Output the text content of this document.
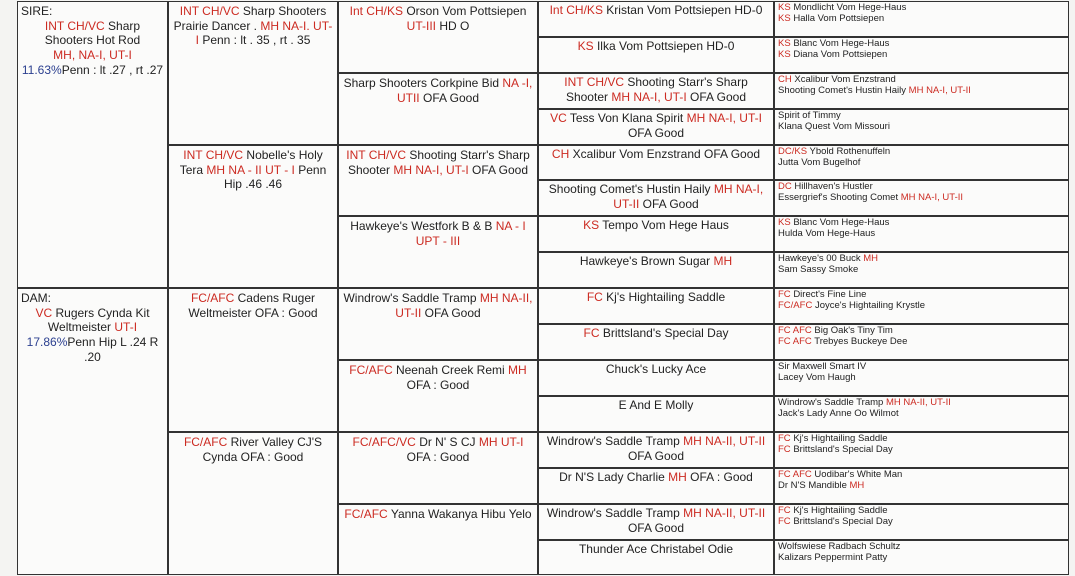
SIRE:
INT CH/VC Sharp
Shooters Hot Rod
MH, NA-I, UT-I
11.63%Penn : lt .27 , rt .27
DAM:
VC Rugers Cynda Kit
Weltmeister UT-I
17.86%Penn Hip L .24 R .20
INT CH/VC Sharp Shooters Prairie Dancer . MH NA-I. UT-I Penn : lt . 35 , rt . 35
INT CH/VC Nobelle's Holy Tera MH NA - II UT - I Penn Hip .46 .46
FC/AFC Cadens Ruger Weltmeister OFA : Good
FC/AFC River Valley CJ'S Cynda OFA : Good
Int CH/KS Orson Vom Pottsiepen UT-III HD O
Sharp Shooters Corkpine Bid NA -I, UTII OFA Good
INT CH/VC Shooting Starr's Sharp Shooter MH NA-I, UT-I OFA Good
Hawkeye's Westfork B & B NA - I UPT - III
Windrow's Saddle Tramp MH NA-II, UT-II OFA Good
FC/AFC Neenah Creek Remi MH OFA : Good
FC/AFC/VC Dr N' S CJ MH UT-I OFA : Good
FC/AFC Yanna Wakanya Hibu Yelo
Int CH/KS Kristan Vom Pottsiepen HD-0
KS Ilka Vom Pottsiepen HD-0
INT CH/VC Shooting Starr's Sharp Shooter MH NA-I, UT-I OFA Good
VC Tess Von Klana Spirit MH NA-I, UT-I OFA Good
CH Xcalibur Vom Enzstrand OFA Good
Shooting Comet's Hustin Haily MH NA-I, UT-II OFA Good
KS Tempo Vom Hege Haus
Hawkeye's Brown Sugar MH
FC Kj's Hightailing Saddle
FC Brittsland's Special Day
Chuck's Lucky Ace
E And E Molly
Windrow's Saddle Tramp MH NA-II, UT-II OFA Good
Dr N'S Lady Charlie MH OFA : Good
Windrow's Saddle Tramp MH NA-II, UT-II OFA Good
Thunder Ace Christabel Odie
KS Mondlicht Vom Hege-Haus
KS Halla Vom Pottsiepen
KS Blanc Vom Hege-Haus
KS Diana Vom Pottsiepen
CH Xcalibur Vom Enzstrand
Shooting Comet's Hustin Haily MH NA-I, UT-II
Spirit of Timmy
Klana Quest Vom Missouri
DC/KS Ybold Rothenuffeln
Jutta Vom Bugelhof
DC Hillhaven's Hustler
Essergrief's Shooting Comet MH NA-I, UT-II
KS Blanc Vom Hege-Haus
Hulda Vom Hege-Haus
Hawkeye's 00 Buck MH
Sam Sassy Smoke
FC Direct's Fine Line
FC/AFC Joyce's Hightailing Krystle
FC AFC Big Oak's Tiny Tim
FC AFC Trebyes Buckeye Dee
Sir Maxwell Smart IV
Lacey Vom Haugh
Windrow's Saddle Tramp MH NA-II, UT-II
Jack's Lady Anne Oo Wilmot
FC Kj's Hightailing Saddle
FC Brittsland's Special Day
FC AFC Uodibar's White Man
Dr N'S Mandible MH
FC Kj's Hightailing Saddle
FC Brittsland's Special Day
Wolfswiese Radbach Schultz
Kalizars Peppermint Patty
